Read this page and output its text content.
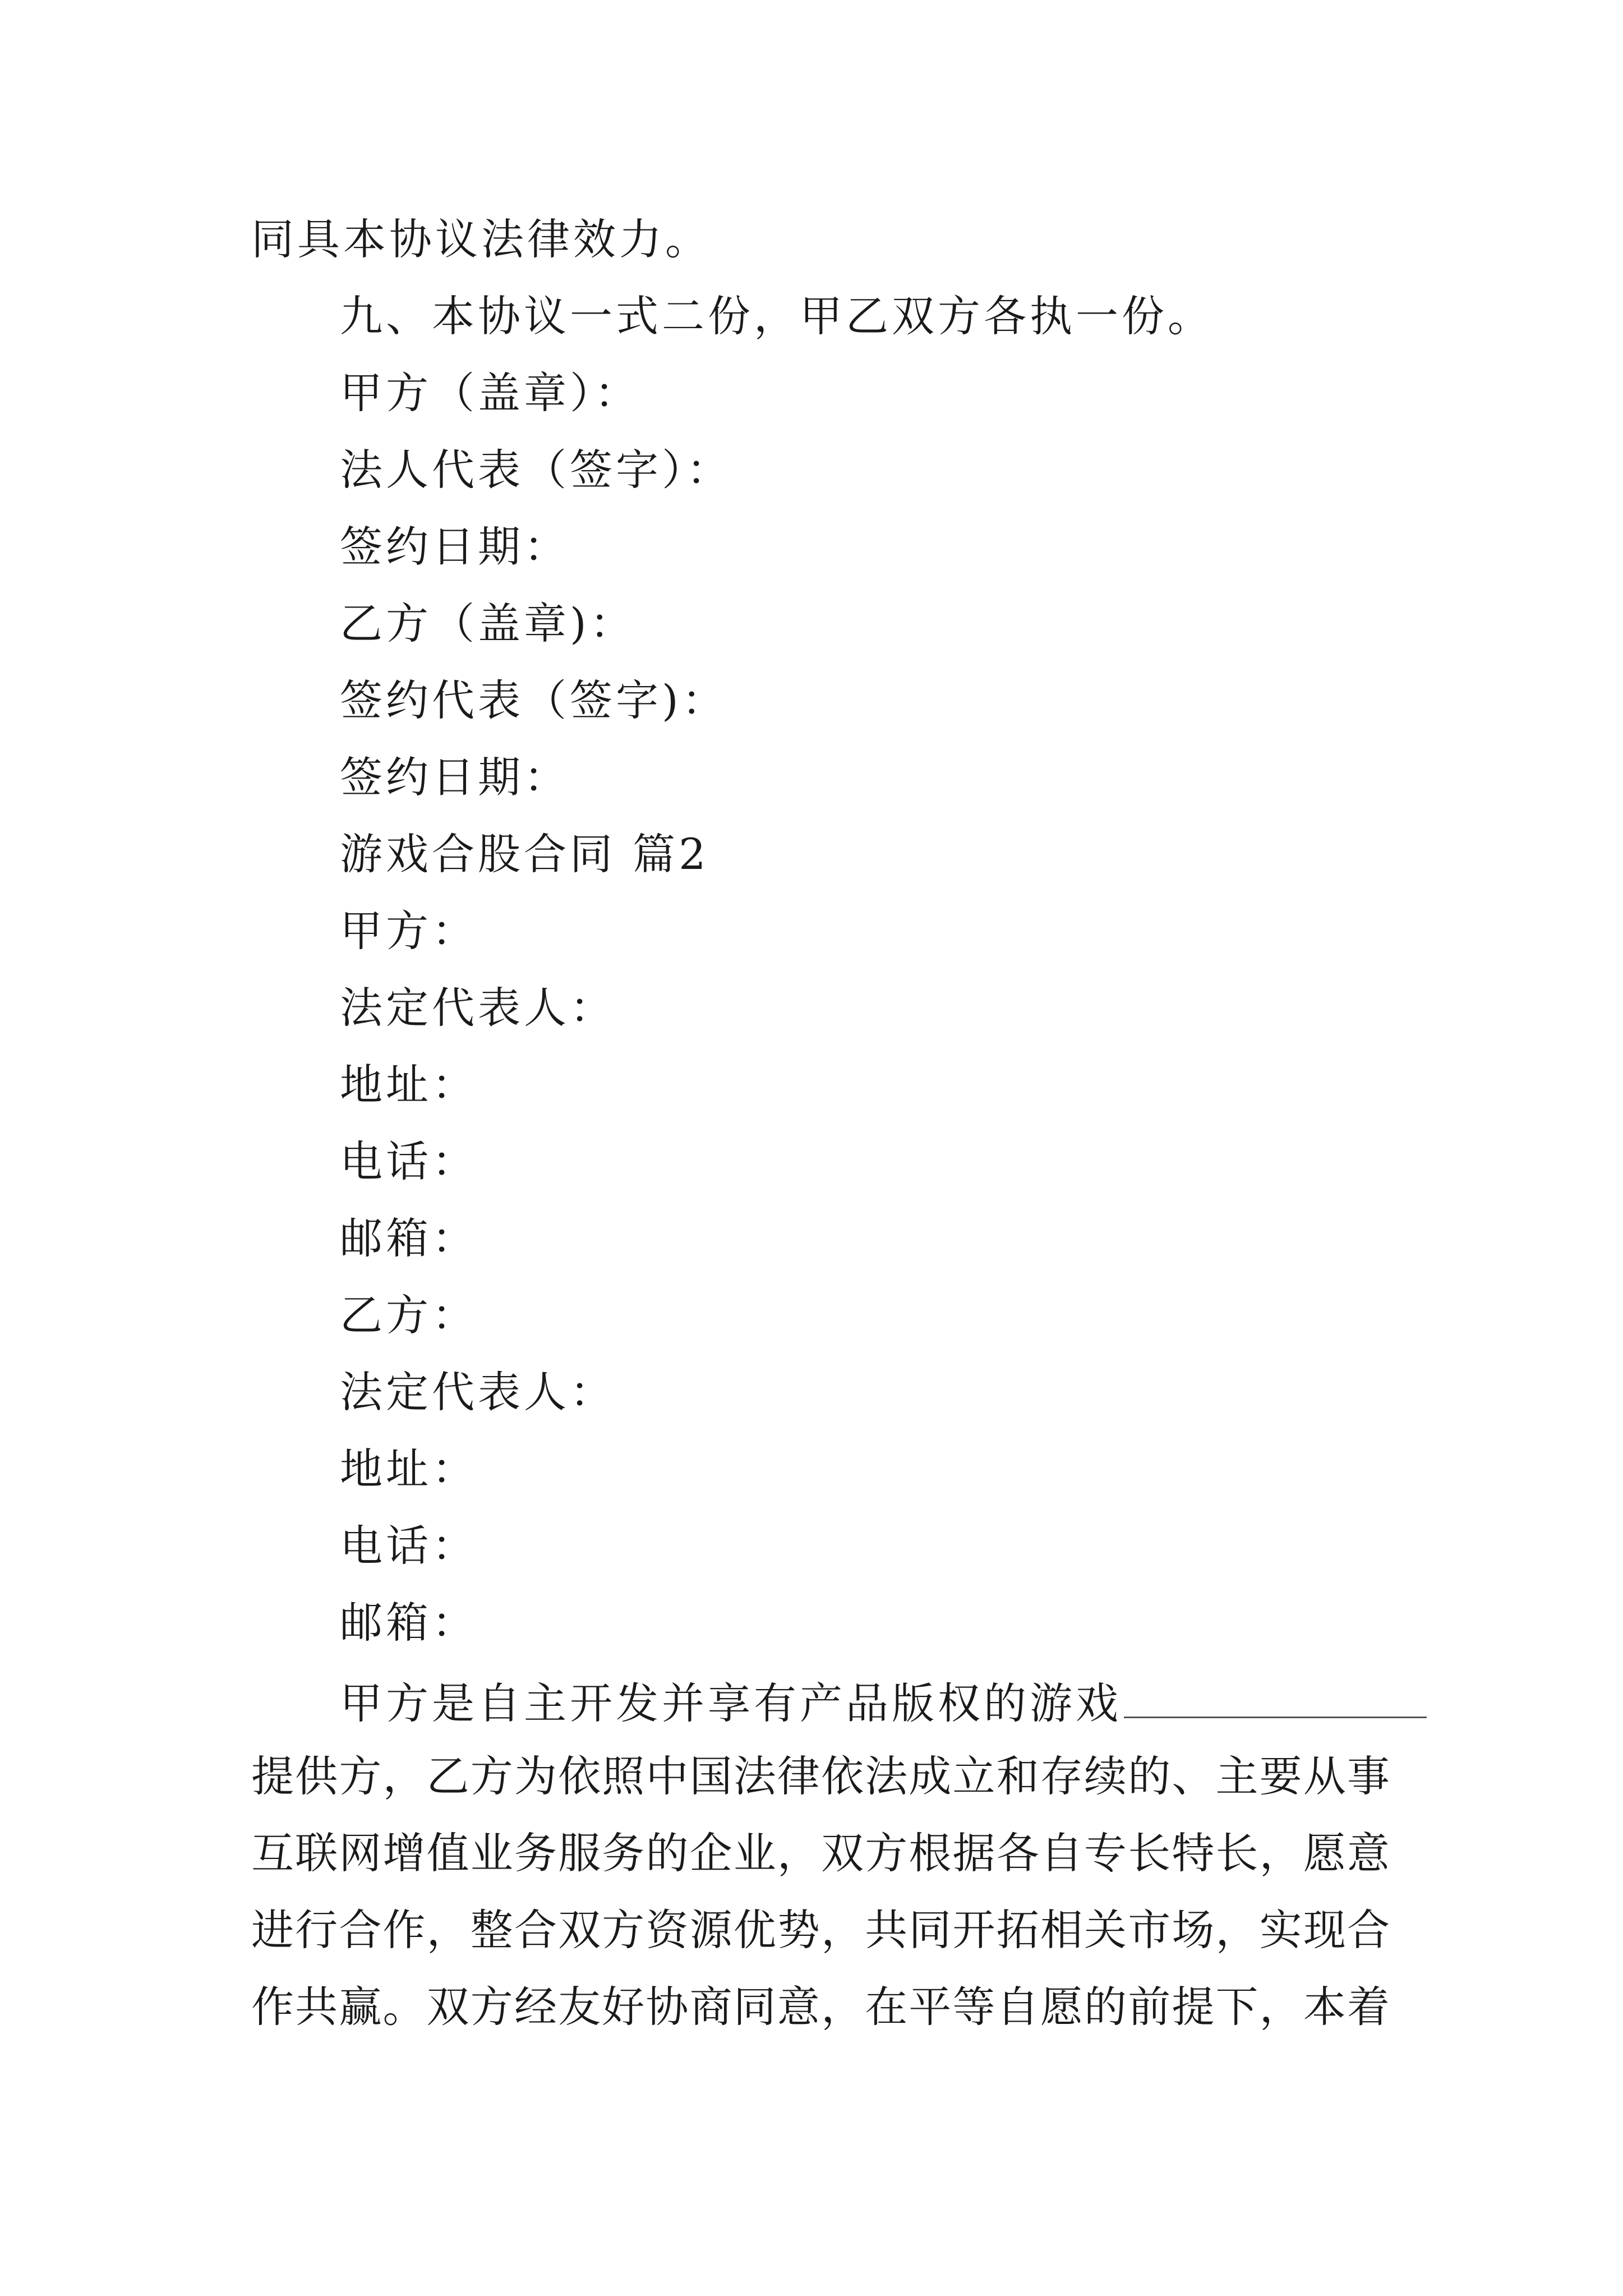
同具本协议法律效力。
九、本协议一式二份，甲乙双方各执一份。
甲方（盖章）：
法人代表（签字）：
签约日期：
乙方（盖章)：
签约代表（签字)：
签约日期：
游戏合股合同 篇2
甲方：
法定代表人：
地址：
电话：
邮箱：
乙方：
法定代表人：
地址：
电话：
邮箱：
甲方是自主开发并享有产品版权的游戏
提供方，乙方为依照中国法律依法成立和存续的、主要从事
互联网增值业务服务的企业，双方根据各自专长特长，愿意
进行合作，整合双方资源优势，共同开拓相关市场，实现合
作共赢。双方经友好协商同意，在平等自愿的前提下，本着
